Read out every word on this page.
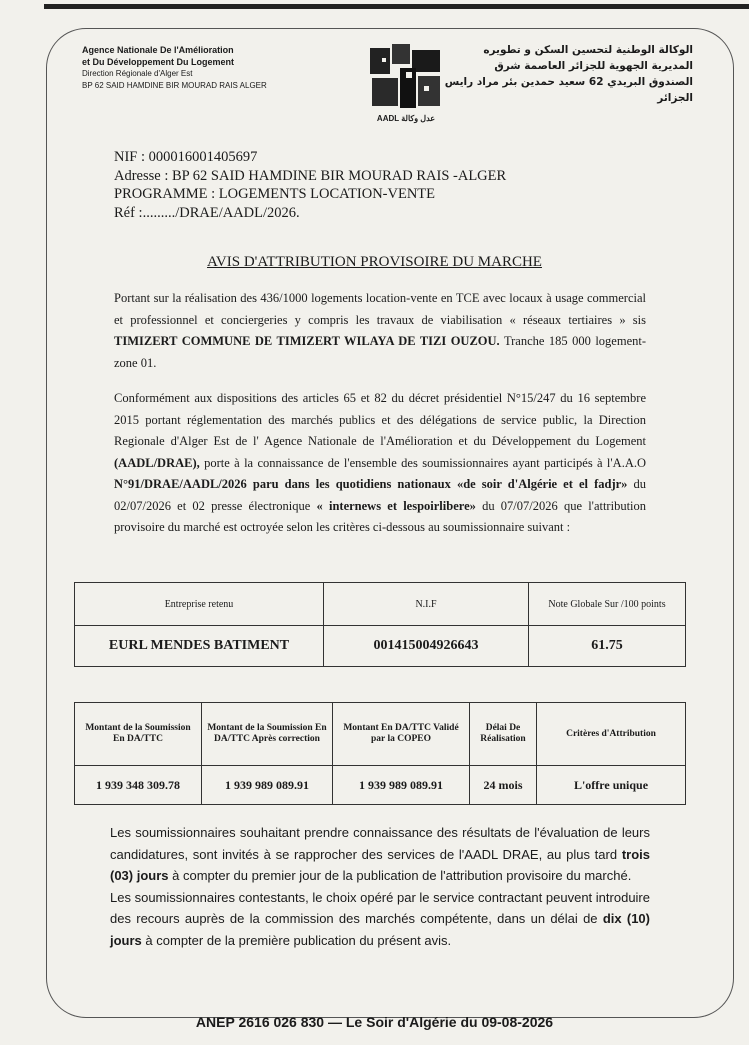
Agence Nationale De l'Amélioration
et Du Développement Du Logement
Direction Régionale d'Alger Est
BP 62 SAID HAMDINE BIR MOURAD RAIS ALGER
AADL عدل وكالة
الوكالة الوطنية لتحسين السكن و تطويره
المديرية الجهوية للجزائر العاصمة شرق
الصندوق البريدي 62 سعيد حمدين بئر مراد رايس
الجزائر
NIF : 000016001405697
Adresse : BP 62 SAID HAMDINE BIR MOURAD RAIS -ALGER
PROGRAMME : LOGEMENTS LOCATION-VENTE
Réf :........./DRAE/AADL/2026.
AVIS D'ATTRIBUTION PROVISOIRE DU MARCHE
Portant sur la réalisation des 436/1000 logements location-vente en TCE avec locaux à usage commercial et professionnel et conciergeries y compris les travaux de viabilisation « réseaux tertiaires » sis TIMIZERT COMMUNE DE TIMIZERT WILAYA DE TIZI OUZOU. Tranche 185 000 logement-zone 01.
Conformément aux dispositions des articles 65 et 82 du décret présidentiel N°15/247 du 16 septembre 2015 portant réglementation des marchés publics et des délégations de service public, la Direction Regionale d'Alger Est de l' Agence Nationale de l'Amélioration et du Développement du Logement (AADL/DRAE), porte à la connaissance de l'ensemble des soumissionnaires ayant participés à l'A.A.O N°91/DRAE/AADL/2026 paru dans les quotidiens nationaux «de soir d'Algérie et el fadjr» du 02/07/2026 et 02 presse électronique « internews et lespoirlibere» du 07/07/2026 que l'attribution provisoire du marché est octroyée selon les critères ci-dessous au soumissionnaire suivant :
Entreprise retenu	N.I.F	Note Globale Sur /100 points
EURL MENDES BATIMENT	001415004926643	61.75
Montant de la Soumission En DA/TTC	Montant de la Soumission En DA/TTC Après correction	Montant En DA/TTC Validé par la COPEO	Délai De Réalisation	Critères d'Attribution
1 939 348 309.78	1 939 989 089.91	1 939 989 089.91	24 mois	L'offre unique
Les soumissionnaires souhaitant prendre connaissance des résultats de l'évaluation de leurs candidatures, sont invités à se rapprocher des services de l'AADL DRAE, au plus tard trois (03) jours à compter du premier jour de la publication de l'attribution provisoire du marché.
Les soumissionnaires contestants, le choix opéré par le service contractant peuvent introduire des recours auprès de la commission des marchés compétente, dans un délai de dix (10) jours à compter de la première publication du présent avis.
ANEP 2616 026 830 — Le Soir d'Algérie du 09-08-2026
